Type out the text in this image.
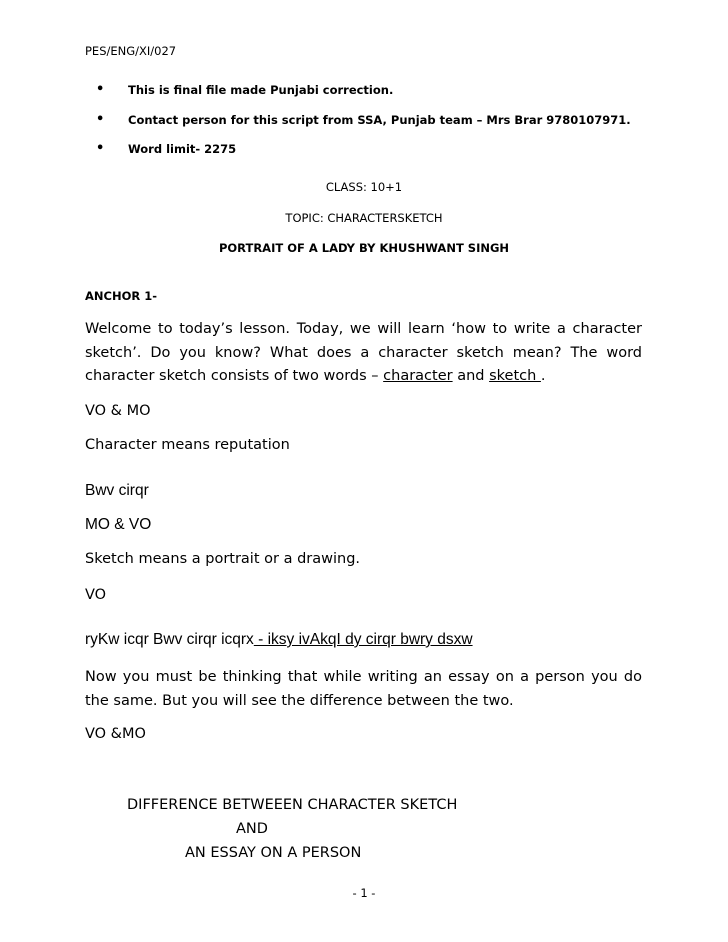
PES/ENG/XI/027
• This is final file made Punjabi correction.
• Contact person for this script from SSA, Punjab team – Mrs Brar 9780107971.
• Word limit- 2275
CLASS: 10+1
TOPIC: CHARACTERSKETCH
PORTRAIT OF A LADY BY KHUSHWANT SINGH
ANCHOR 1-
Welcome to today’s lesson. Today, we will learn ‘how to write a character sketch’. Do you know? What does a character sketch mean? The word character sketch consists of two words – character and sketch .
VO & MO
Character means reputation
Bwv cirqr
MO & VO
Sketch means a portrait or a drawing.
VO
ryKw icqr Bwv cirqr icqrx - iksy ivAkqI dy cirqr bwry dsxw
Now you must be thinking that while writing an essay on a person you do the same. But you will see the difference between the two.
VO &MO
DIFFERENCE BETWEEEN CHARACTER SKETCH
AND
AN ESSAY ON A PERSON
- 1 -
